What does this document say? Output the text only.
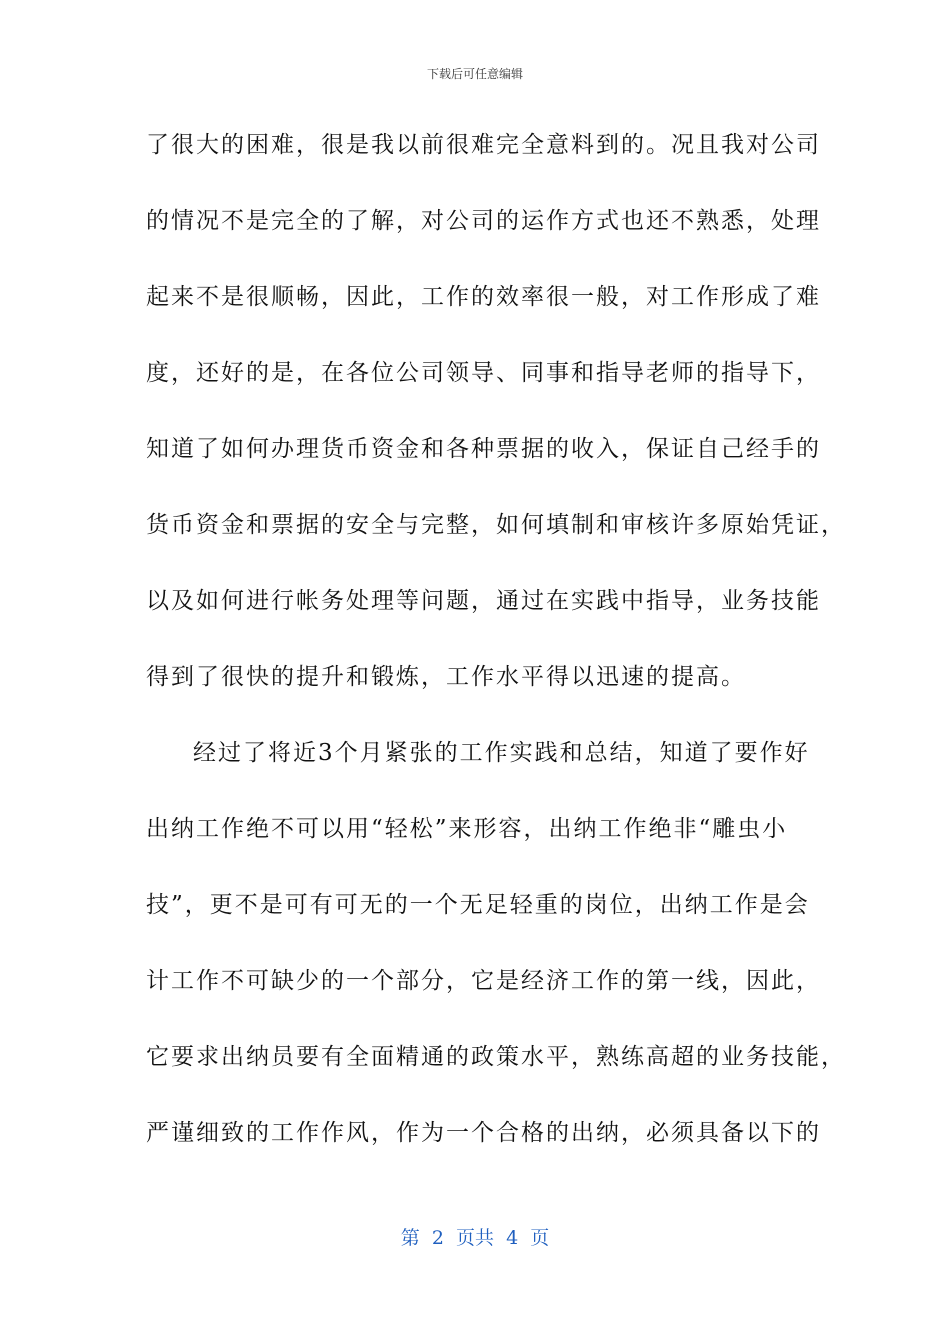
下载后可任意编辑
了很大的困难，很是我以前很难完全意料到的。况且我对公司
的情况不是完全的了解，对公司的运作方式也还不熟悉，处理
起来不是很顺畅，因此，工作的效率很一般，对工作形成了难
度，还好的是，在各位公司领导、同事和指导老师的指导下，
知道了如何办理货币资金和各种票据的收入，保证自己经手的
货币资金和票据的安全与完整，如何填制和审核许多原始凭证，
以及如何进行帐务处理等问题，通过在实践中指导，业务技能
得到了很快的提升和锻炼，工作水平得以迅速的提高。
经过了将近3个月紧张的工作实践和总结，知道了要作好
出纳工作绝不可以用“轻松”来形容，出纳工作绝非“雕虫小
技”，更不是可有可无的一个无足轻重的岗位，出纳工作是会
计工作不可缺少的一个部分，它是经济工作的第一线，因此，
它要求出纳员要有全面精通的政策水平，熟练高超的业务技能，
严谨细致的工作作风，作为一个合格的出纳，必须具备以下的
第  2  页共  4  页
